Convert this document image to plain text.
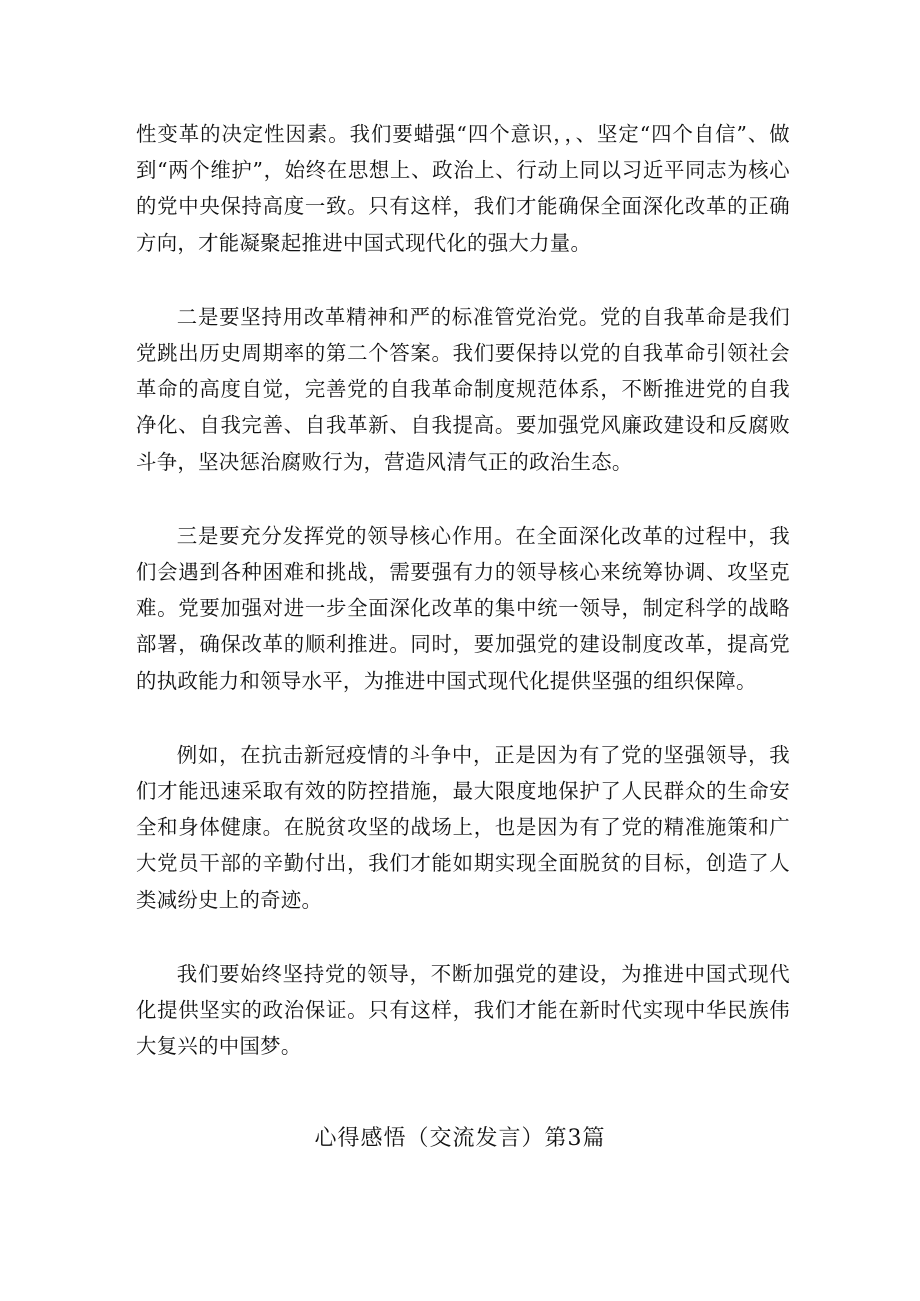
性变革的决定性因素。我们要蜡强“四个意识，，、坚定“四个自信”、做到“两个维护”，始终在思想上、政治上、行动上同以习近平同志为核心的党中央保持高度一致。只有这样，我们才能确保全面深化改革的正确方向，才能凝聚起推进中国式现代化的强大力量。

二是要坚持用改革精神和严的标准管党治党。党的自我革命是我们党跳出历史周期率的第二个答案。我们要保持以党的自我革命引领社会革命的高度自觉，完善党的自我革命制度规范体系，不断推进党的自我净化、自我完善、自我革新、自我提高。要加强党风廉政建设和反腐败斗争，坚决惩治腐败行为，营造风清气正的政治生态。

三是要充分发挥党的领导核心作用。在全面深化改革的过程中，我们会遇到各种困难和挑战，需要强有力的领导核心来统筹协调、攻坚克难。党要加强对进一步全面深化改革的集中统一领导，制定科学的战略部署，确保改革的顺利推进。同时，要加强党的建设制度改革，提高党的执政能力和领导水平，为推进中国式现代化提供坚强的组织保障。

例如，在抗击新冠疫情的斗争中，正是因为有了党的坚强领导，我们才能迅速采取有效的防控措施，最大限度地保护了人民群众的生命安全和身体健康。在脱贫攻坚的战场上，也是因为有了党的精准施策和广大党员干部的辛勤付出，我们才能如期实现全面脱贫的目标，创造了人类减纷史上的奇迹。

我们要始终坚持党的领导，不断加强党的建设，为推进中国式现代化提供坚实的政治保证。只有这样，我们才能在新时代实现中华民族伟大复兴的中国梦。

心得感悟（交流发言）第3篇
